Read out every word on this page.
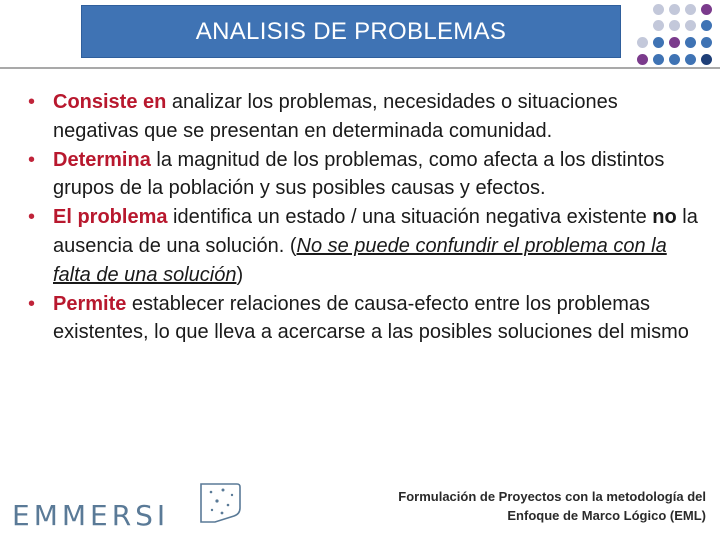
ANALISIS DE PROBLEMAS
• Consiste en analizar los problemas, necesidades o situaciones negativas que se presentan en determinada comunidad.
• Determina la magnitud de los problemas, como afecta a los distintos grupos de la población y sus posibles causas y efectos.
• El problema identifica un estado / una situación negativa existente no la ausencia de una solución. (No se puede confundir el problema con la falta de una solución)
• Permite establecer relaciones de causa-efecto entre los problemas existentes, lo que lleva a acercarse a las posibles soluciones del mismo
EMMERSI
Formulación de Proyectos con la metodología del
Enfoque de Marco Lógico (EML)
